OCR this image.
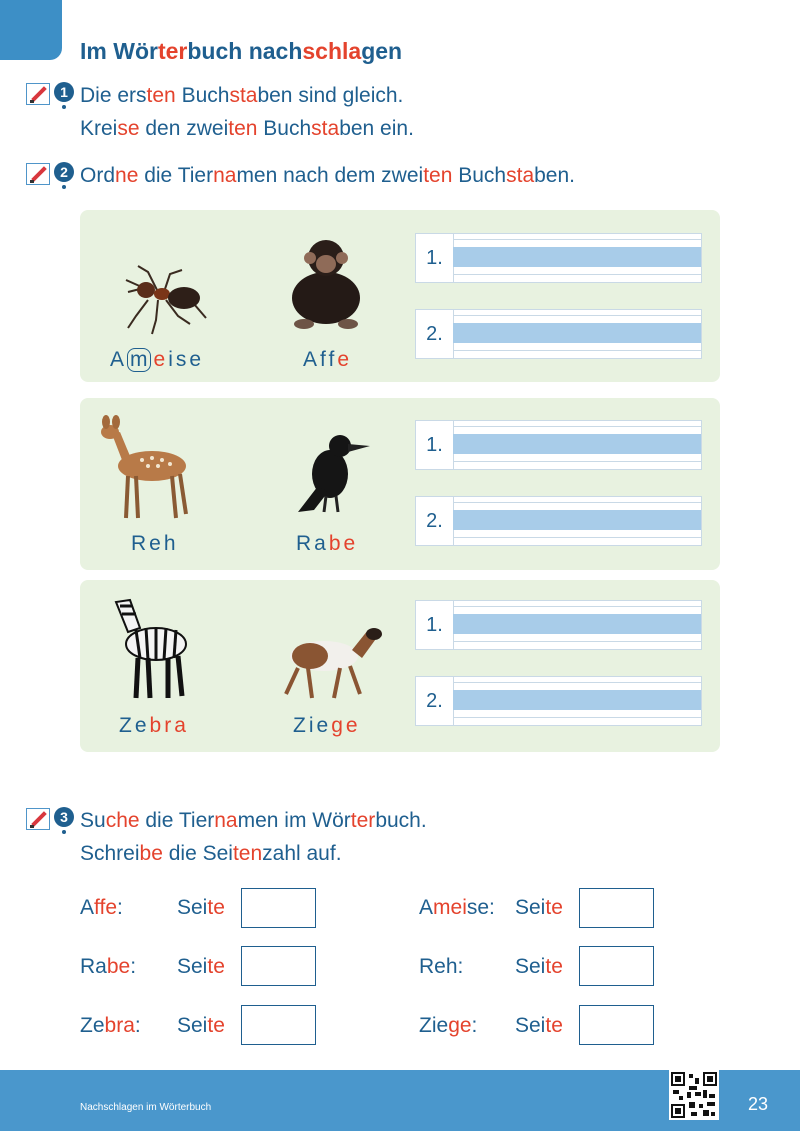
Im Wörterbuch nachschlagen
1 Die ersten Buchstaben sind gleich.
Kreise den zweiten Buchstaben ein.
2 Ordne die Tiernamen nach dem zweiten Buchstaben.
A m eise	Affe
1.
2.
Reh	Rabe
1.
2.
Zebra	Ziege
1.
2.
3 Suche die Tiernamen im Wörterbuch.
Schreibe die Seitenzahl auf.
Affe:	Seite	Ameise: Seite
Rabe: Seite	Reh: Seite
Zebra: Seite	Ziege: Seite
Nachschlagen im Wörterbuch	23
